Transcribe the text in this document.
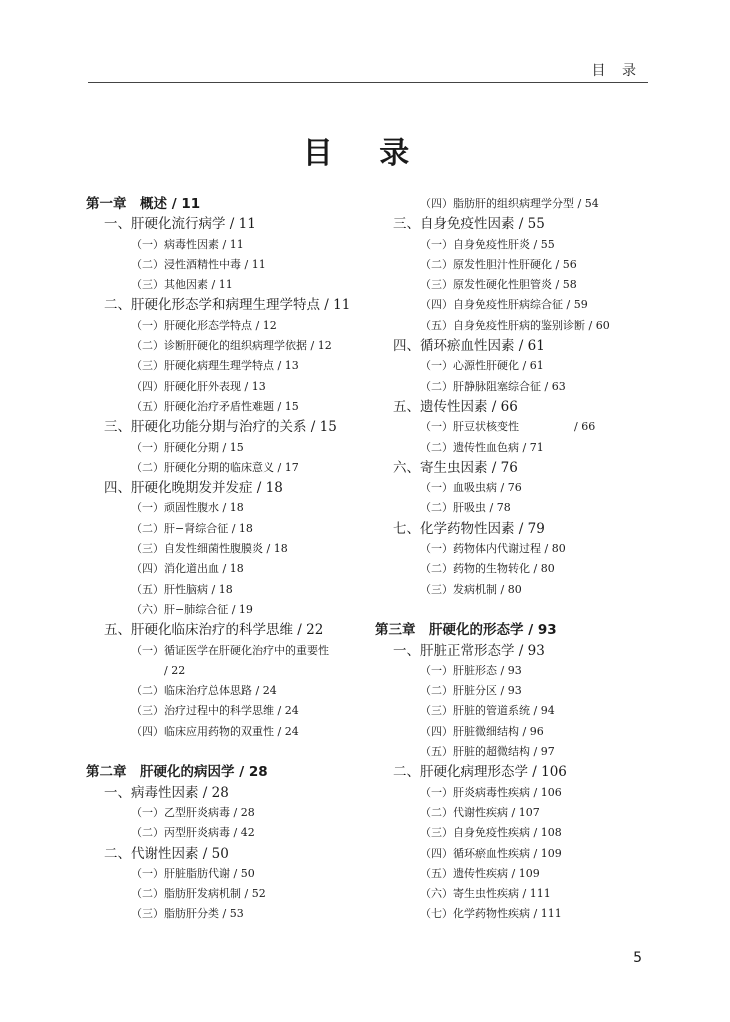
目 录
目 录
第一章　概述 / 11
一、肝硬化流行病学 / 11
（一）病毒性因素 / 11
（二）浸性酒精性中毒 / 11
（三）其他因素 / 11
二、肝硬化形态学和病理生理学特点 / 11
（一）肝硬化形态学特点 / 12
（二）诊断肝硬化的组织病理学依据 / 12
（三）肝硬化病理生理学特点 / 13
（四）肝硬化肝外表现 / 13
（五）肝硬化治疗矛盾性难题 / 15
三、肝硬化功能分期与治疗的关系 / 15
（一）肝硬化分期 / 15
（二）肝硬化分期的临床意义 / 17
四、肝硬化晚期发并发症 / 18
（一）顽固性腹水 / 18
（二）肝−肾综合征 / 18
（三）自发性细菌性腹膜炎 / 18
（四）消化道出血 / 18
（五）肝性脑病 / 18
（六）肝−肺综合征 / 19
五、肝硬化临床治疗的科学思维 / 22
（一）循证医学在肝硬化治疗中的重要性
/ 22
（二）临床治疗总体思路 / 24
（三）治疗过程中的科学思维 / 24
（四）临床应用药物的双重性 / 24
第二章　肝硬化的病因学 / 28
一、病毒性因素 / 28
（一）乙型肝炎病毒 / 28
（二）丙型肝炎病毒 / 42
二、代谢性因素 / 50
（一）肝脏脂肪代谢 / 50
（二）脂肪肝发病机制 / 52
（三）脂肪肝分类 / 53
（四）脂肪肝的组织病理学分型 / 54
三、自身免疫性因素 / 55
（一）自身免疫性肝炎 / 55
（二）原发性胆汁性肝硬化 / 56
（三）原发性硬化性胆管炎 / 58
（四）自身免疫性肝病综合征 / 59
（五）自身免疫性肝病的鉴别诊断 / 60
四、循环瘀血性因素 / 61
（一）心源性肝硬化 / 61
（二）肝静脉阻塞综合征 / 63
五、遗传性因素 / 66
（一）肝豆状核变性　　　　　/ 66
（二）遗传性血色病 / 71
六、寄生虫因素 / 76
（一）血吸虫病 / 76
（二）肝吸虫 / 78
七、化学药物性因素 / 79
（一）药物体内代谢过程 / 80
（二）药物的生物转化 / 80
（三）发病机制 / 80
第三章　肝硬化的形态学 / 93
一、肝脏正常形态学 / 93
（一）肝脏形态 / 93
（二）肝脏分区 / 93
（三）肝脏的管道系统 / 94
（四）肝脏微细结构 / 96
（五）肝脏的超微结构 / 97
二、肝硬化病理形态学 / 106
（一）肝炎病毒性疾病 / 106
（二）代谢性疾病 / 107
（三）自身免疫性疾病 / 108
（四）循环瘀血性疾病 / 109
（五）遗传性疾病 / 109
（六）寄生虫性疾病 / 111
（七）化学药物性疾病 / 111
5
